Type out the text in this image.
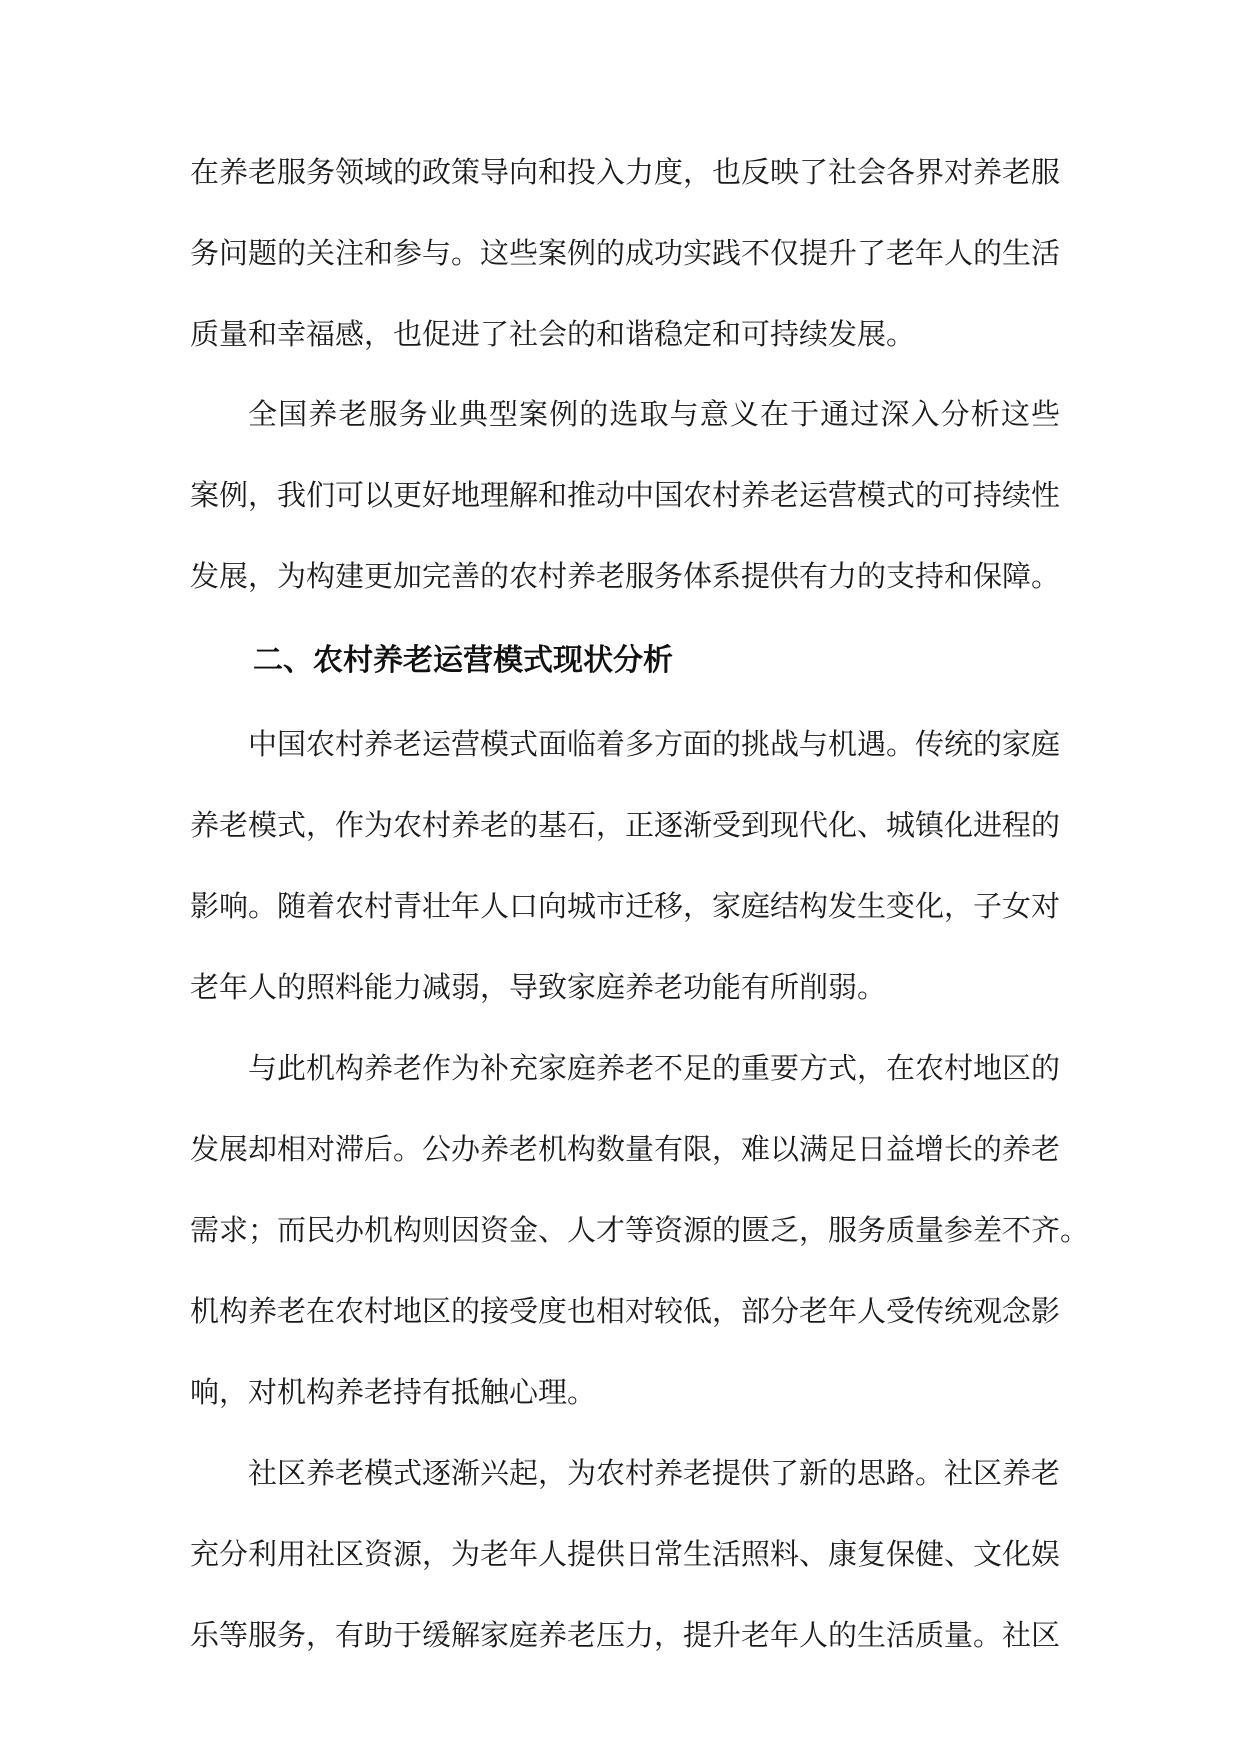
在养老服务领域的政策导向和投入力度，也反映了社会各界对养老服
务问题的关注和参与。这些案例的成功实践不仅提升了老年人的生活
质量和幸福感，也促进了社会的和谐稳定和可持续发展。
全国养老服务业典型案例的选取与意义在于通过深入分析这些
案例，我们可以更好地理解和推动中国农村养老运营模式的可持续性
发展，为构建更加完善的农村养老服务体系提供有力的支持和保障。
二、农村养老运营模式现状分析
中国农村养老运营模式面临着多方面的挑战与机遇。传统的家庭
养老模式，作为农村养老的基石，正逐渐受到现代化、城镇化进程的
影响。随着农村青壮年人口向城市迁移，家庭结构发生变化，子女对
老年人的照料能力减弱，导致家庭养老功能有所削弱。
与此机构养老作为补充家庭养老不足的重要方式，在农村地区的
发展却相对滞后。公办养老机构数量有限，难以满足日益增长的养老
需求；而民办机构则因资金、人才等资源的匮乏，服务质量参差不齐。
机构养老在农村地区的接受度也相对较低，部分老年人受传统观念影
响，对机构养老持有抵触心理。
社区养老模式逐渐兴起，为农村养老提供了新的思路。社区养老
充分利用社区资源，为老年人提供日常生活照料、康复保健、文化娱
乐等服务，有助于缓解家庭养老压力，提升老年人的生活质量。社区
